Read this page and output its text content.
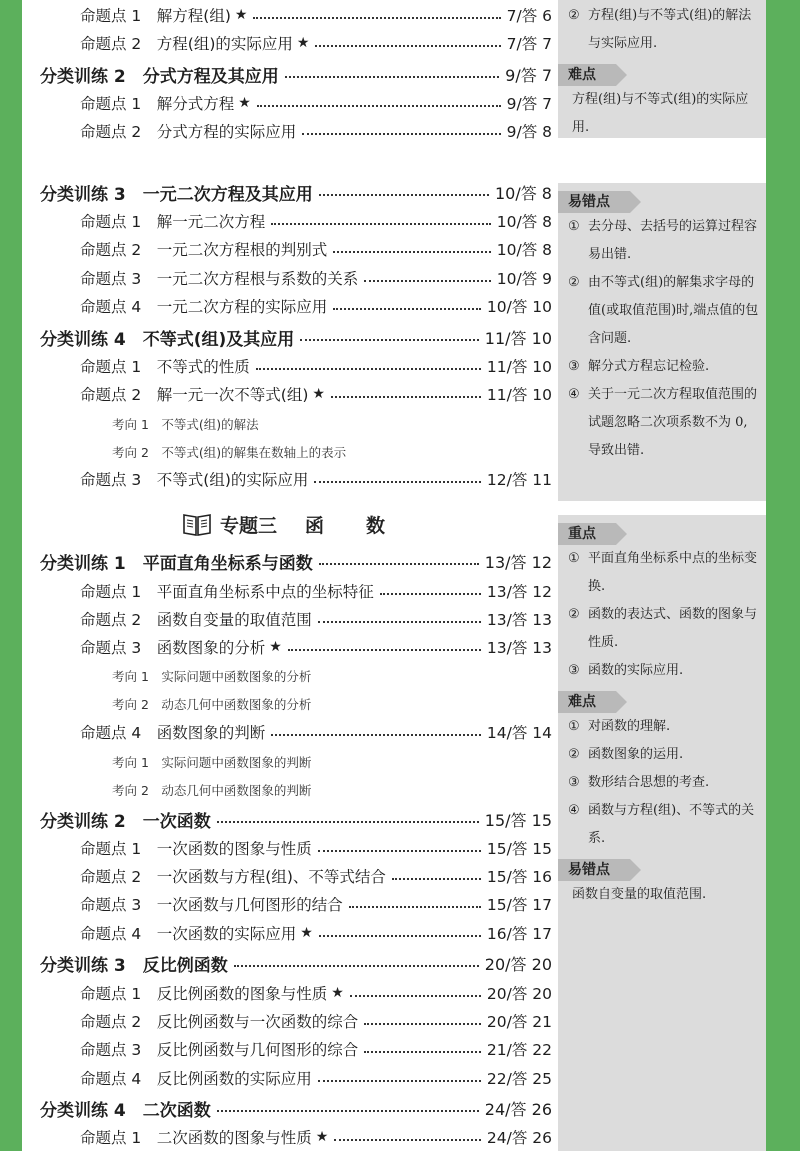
命题点 1　解方程(组) ★	7/答 6
命题点 2　方程(组)的实际应用 ★	7/答 7
分类训练 2　分式方程及其应用	9/答 7
命题点 1　解分式方程 ★	9/答 7
命题点 2　分式方程的实际应用	9/答 8
分类训练 3　一元二次方程及其应用	10/答 8
命题点 1　解一元二次方程	10/答 8
命题点 2　一元二次方程根的判别式	10/答 8
命题点 3　一元二次方程根与系数的关系	10/答 9
命题点 4　一元二次方程的实际应用	10/答 10
分类训练 4　不等式(组)及其应用	11/答 10
命题点 1　不等式的性质	11/答 10
命题点 2　解一元一次不等式(组) ★	11/答 10
考向 1　不等式(组)的解法
考向 2　不等式(组)的解集在数轴上的表示
命题点 3　不等式(组)的实际应用	12/答 11
分类训练 1　平面直角坐标系与函数	13/答 12
命题点 1　平面直角坐标系中点的坐标特征	13/答 12
命题点 2　函数自变量的取值范围	13/答 13
命题点 3　函数图象的分析 ★	13/答 13
考向 1　实际问题中函数图象的分析
考向 2　动态几何中函数图象的分析
命题点 4　函数图象的判断	14/答 14
考向 1　实际问题中函数图象的判断
考向 2　动态几何中函数图象的判断
分类训练 2　一次函数	15/答 15
命题点 1　一次函数的图象与性质	15/答 15
命题点 2　一次函数与方程(组)、不等式结合	15/答 16
命题点 3　一次函数与几何图形的结合	15/答 17
命题点 4　一次函数的实际应用 ★	16/答 17
分类训练 3　反比例函数	20/答 20
命题点 1　反比例函数的图象与性质 ★	20/答 20
命题点 2　反比例函数与一次函数的综合	20/答 21
命题点 3　反比例函数与几何图形的综合	21/答 22
命题点 4　反比例函数的实际应用	22/答 25
分类训练 4　二次函数	24/答 26
命题点 1　二次函数的图象与性质 ★	24/答 26
专题三 函 数
② 方程(组)与不等式(组)的解法与实际应用.
难点
方程(组)与不等式(组)的实际应用.
易错点
① 去分母、去括号的运算过程容易出错.
② 由不等式(组)的解集求字母的值(或取值范围)时,端点值的包含问题.
③ 解分式方程忘记检验.
④ 关于一元二次方程取值范围的试题忽略二次项系数不为 0,导致出错.
重点
① 平面直角坐标系中点的坐标变换.
② 函数的表达式、函数的图象与性质.
③ 函数的实际应用.
难点
① 对函数的理解.
② 函数图象的运用.
③ 数形结合思想的考查.
④ 函数与方程(组)、不等式的关系.
易错点
函数自变量的取值范围.
